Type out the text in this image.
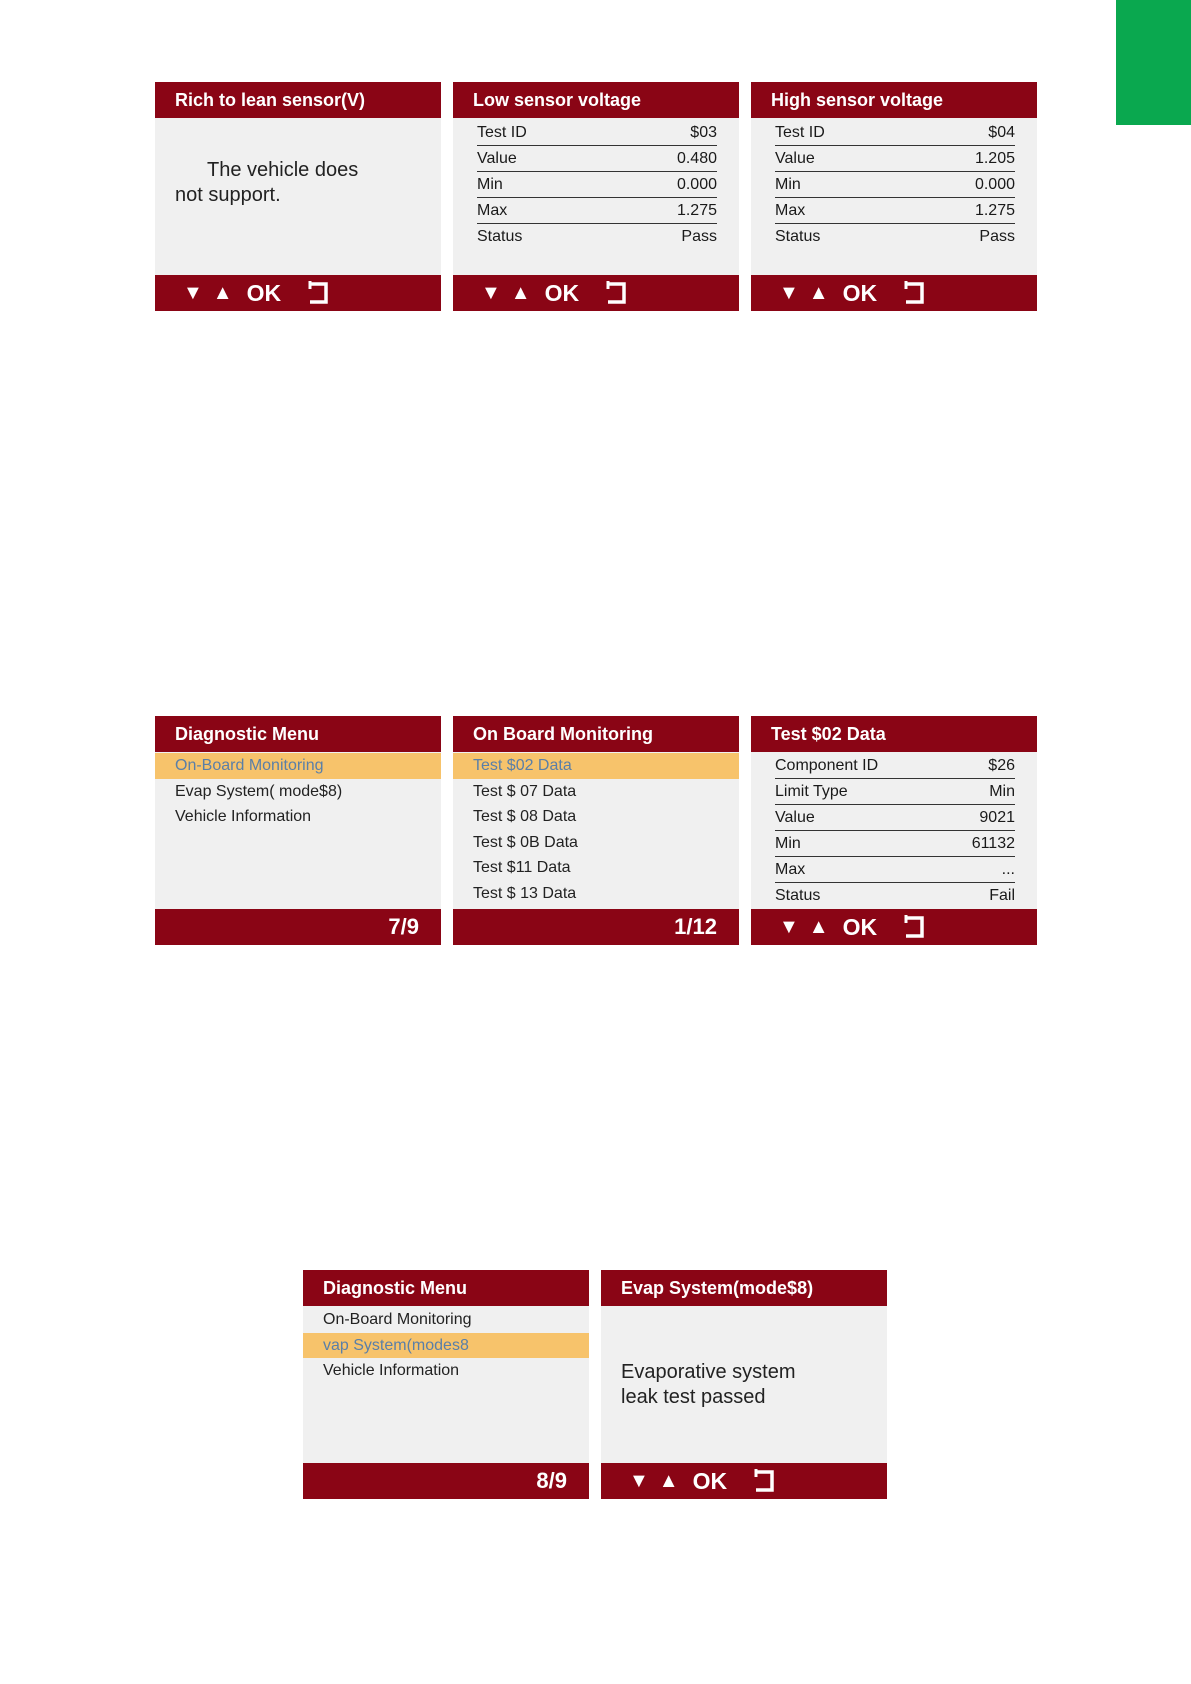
Rich to lean sensor(V)
The vehicle does
not support.
▼ ▲ OK
Low sensor voltage
Test ID	$03
Value	0.480
Min	0.000
Max	1.275
Status	Pass
▼ ▲ OK
High sensor voltage
Test ID	$04
Value	1.205
Min	0.000
Max	1.275
Status	Pass
▼ ▲ OK
Diagnostic Menu
On-Board Monitoring
Evap System( mode$8)
Vehicle Information
7/9
On Board Monitoring
Test $02 Data
Test $ 07 Data
Test $ 08 Data
Test $ 0B Data
Test $11 Data
Test $ 13 Data
1/12
Test $02 Data
Component ID	$26
Limit Type	Min
Value	9021
Min	61132
Max	...
Status	Fail
▼ ▲ OK
Diagnostic Menu
On-Board Monitoring
vap System(modes8
Vehicle Information
8/9
Evap System(mode$8)
Evaporative system
leak test passed
▼ ▲ OK
